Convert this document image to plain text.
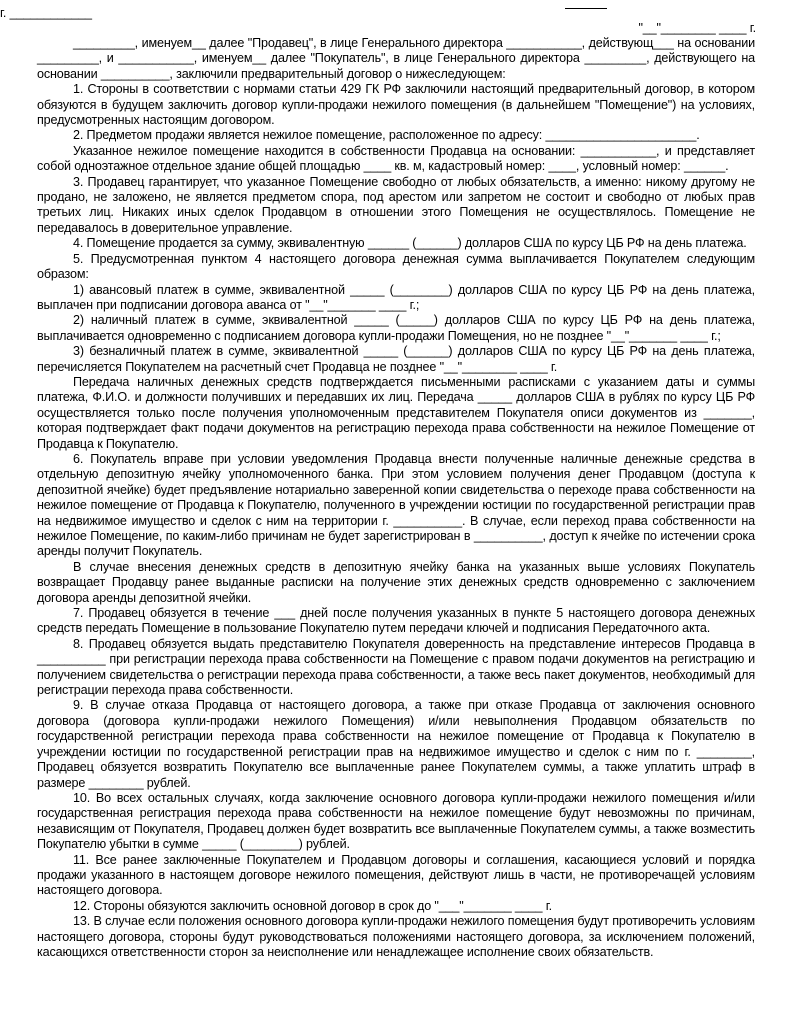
г. ____________
"__"________ ____ г.

_________, именуем__ далее "Продавец", в лице Генерального директора ___________, действующ___ на основании _________, и ___________, именуем__ далее "Покупатель", в лице Генерального директора _________, действующего на основании __________, заключили предварительный договор о нижеследующем:

1. Стороны в соответствии с нормами статьи 429 ГК РФ заключили настоящий предварительный договор, в котором обязуются в будущем заключить договор купли-продажи нежилого помещения (в дальнейшем "Помещение") на условиях, предусмотренных настоящим договором.

2. Предметом продажи является нежилое помещение, расположенное по адресу: ______________________.

Указанное нежилое помещение находится в собственности Продавца на основании: ___________, и представляет собой одноэтажное отдельное здание общей площадью ____ кв. м, кадастровый номер: ____, условный номер: ______.

3. Продавец гарантирует, что указанное Помещение свободно от любых обязательств, а именно: никому другому не продано, не заложено, не является предметом спора, под арестом или запретом не состоит и свободно от любых прав третьих лиц. Никаких иных сделок Продавцом в отношении этого Помещения не осуществлялось. Помещение не передавалось в доверительное управление.

4. Помещение продается за сумму, эквивалентную ______ (______) долларов США по курсу ЦБ РФ на день платежа.

5. Предусмотренная пунктом 4 настоящего договора денежная сумма выплачивается Покупателем следующим образом:

1) авансовый платеж в сумме, эквивалентной _____ (________) долларов США по курсу ЦБ РФ на день платежа, выплачен при подписании договора аванса от "__"_______ ____ г.;

2) наличный платеж в сумме, эквивалентной _____ (_____) долларов США по курсу ЦБ РФ на день платежа, выплачивается одновременно с подписанием договора купли-продажи Помещения, но не позднее "__"_______ ____ г.;

3) безналичный платеж в сумме, эквивалентной _____ (______) долларов США по курсу ЦБ РФ на день платежа, перечисляется Покупателем на расчетный счет Продавца не позднее "__"________ ____ г.

Передача наличных денежных средств подтверждается письменными расписками с указанием даты и суммы платежа, Ф.И.О. и должности получивших и передавших их лиц. Передача _____ долларов США в рублях по курсу ЦБ РФ осуществляется только после получения уполномоченным представителем Покупателя описи документов из _______, которая подтверждает факт подачи документов на регистрацию перехода права собственности на нежилое Помещение от Продавца к Покупателю.

6. Покупатель вправе при условии уведомления Продавца внести полученные наличные денежные средства в отдельную депозитную ячейку уполномоченного банка. При этом условием получения денег Продавцом (доступа к депозитной ячейке) будет предъявление нотариально заверенной копии свидетельства о переходе права собственности на нежилое помещение от Продавца к Покупателю, полученного в учреждении юстиции по государственной регистрации прав на недвижимое имущество и сделок с ним на территории г. __________. В случае, если переход права собственности на нежилое Помещение, по каким-либо причинам не будет зарегистрирован в __________, доступ к ячейке по истечении срока аренды получит Покупатель.

В случае внесения денежных средств в депозитную ячейку банка на указанных выше условиях Покупатель возвращает Продавцу ранее выданные расписки на получение этих денежных средств одновременно с заключением договора аренды депозитной ячейки.

7. Продавец обязуется в течение ___ дней после получения указанных в пункте 5 настоящего договора денежных средств передать Помещение в пользование Покупателю путем передачи ключей и подписания Передаточного акта.

8. Продавец обязуется выдать представителю Покупателя доверенность на представление интересов Продавца в __________ при регистрации перехода права собственности на Помещение с правом подачи документов на регистрацию и получением свидетельства о регистрации перехода права собственности, а также весь пакет документов, необходимый для регистрации перехода права собственности.

9. В случае отказа Продавца от настоящего договора, а также при отказе Продавца от заключения основного договора (договора купли-продажи нежилого Помещения) и/или невыполнения Продавцом обязательств по государственной регистрации перехода права собственности на нежилое помещение от Продавца к Покупателю в учреждении юстиции по государственной регистрации прав на недвижимое имущество и сделок с ним по г. ________, Продавец обязуется возвратить Покупателю все выплаченные ранее Покупателем суммы, а также уплатить штраф в размере ________ рублей.

10. Во всех остальных случаях, когда заключение основного договора купли-продажи нежилого помещения и/или государственная регистрация перехода права собственности на нежилое помещение будут невозможны по причинам, независящим от Покупателя, Продавец должен будет возвратить все выплаченные Покупателем суммы, а также возместить Покупателю убытки в сумме _____ (________) рублей.

11. Все ранее заключенные Покупателем и Продавцом договоры и соглашения, касающиеся условий и порядка продажи указанного в настоящем договоре нежилого помещения, действуют лишь в части, не противоречащей условиям настоящего договора.

12. Стороны обязуются заключить основной договор в срок до "___"_______ ____ г.

13. В случае если положения основного договора купли-продажи нежилого помещения будут противоречить условиям настоящего договора, стороны будут руководствоваться положениями настоящего договора, за исключением положений, касающихся ответственности сторон за неисполнение или ненадлежащее исполнение своих обязательств.
